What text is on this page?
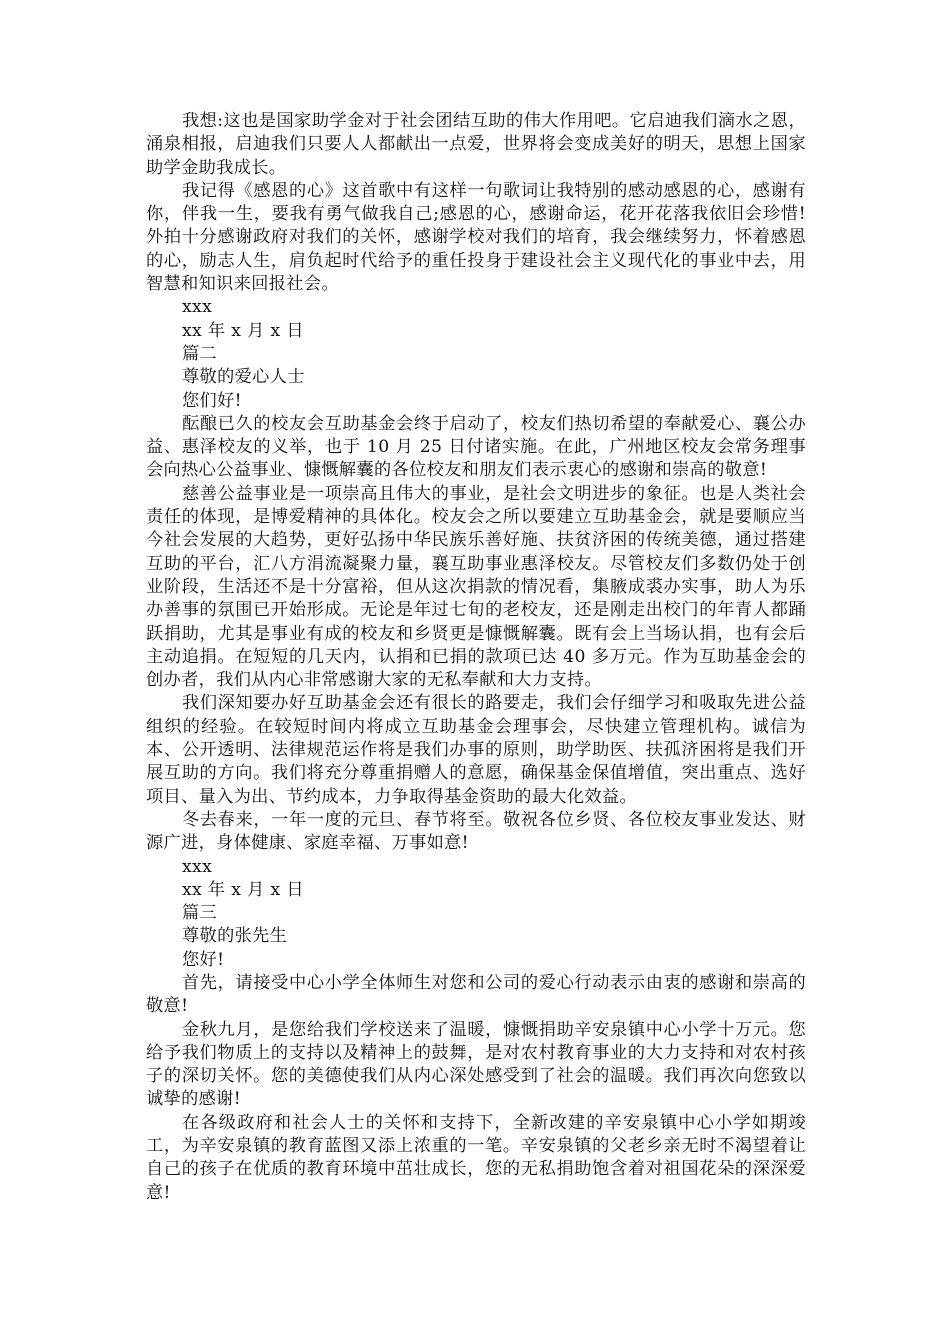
我想:这也是国家助学金对于社会团结互助的伟大作用吧。它启迪我们滴水之恩，涌泉相报，启迪我们只要人人都献出一点爱，世界将会变成美好的明天，思想上国家助学金助我成长。

我记得《感恩的心》这首歌中有这样一句歌词让我特别的感动感恩的心，感谢有你，伴我一生，要我有勇气做我自己;感恩的心，感谢命运，花开花落我依旧会珍惜!外拍十分感谢政府对我们的关怀，感谢学校对我们的培育，我会继续努力，怀着感恩的心，励志人生，肩负起时代给予的重任投身于建设社会主义现代化的事业中去，用智慧和知识来回报社会。

xxx

xx 年 x 月 x 日

篇二

尊敬的爱心人士

您们好!

酝酿已久的校友会互助基金会终于启动了，校友们热切希望的奉献爱心、襄公办益、惠泽校友的义举，也于 10 月 25 日付诸实施。在此，广州地区校友会常务理事会向热心公益事业、慷慨解囊的各位校友和朋友们表示衷心的感谢和崇高的敬意!

慈善公益事业是一项崇高且伟大的事业，是社会文明进步的象征。也是人类社会责任的体现，是博爱精神的具体化。校友会之所以要建立互助基金会，就是要顺应当今社会发展的大趋势，更好弘扬中华民族乐善好施、扶贫济困的传统美德，通过搭建互助的平台，汇八方涓流凝聚力量，襄互助事业惠泽校友。尽管校友们多数仍处于创业阶段，生活还不是十分富裕，但从这次捐款的情况看，集腋成裘办实事，助人为乐办善事的氛围已开始形成。无论是年过七旬的老校友，还是刚走出校门的年青人都踊跃捐助，尤其是事业有成的校友和乡贤更是慷慨解囊。既有会上当场认捐，也有会后主动追捐。在短短的几天内，认捐和已捐的款项已达 40 多万元。作为互助基金会的创办者，我们从内心非常感谢大家的无私奉献和大力支持。

我们深知要办好互助基金会还有很长的路要走，我们会仔细学习和吸取先进公益组织的经验。在较短时间内将成立互助基金会理事会，尽快建立管理机构。诚信为本、公开透明、法律规范运作将是我们办事的原则，助学助医、扶孤济困将是我们开展互助的方向。我们将充分尊重捐赠人的意愿，确保基金保值增值，突出重点、选好项目、量入为出、节约成本，力争取得基金资助的最大化效益。

冬去春来，一年一度的元旦、春节将至。敬祝各位乡贤、各位校友事业发达、财源广进，身体健康、家庭幸福、万事如意!

xxx

xx 年 x 月 x 日

篇三

尊敬的张先生

您好!

首先，请接受中心小学全体师生对您和公司的爱心行动表示由衷的感谢和崇高的敬意!

金秋九月，是您给我们学校送来了温暖，慷慨捐助辛安泉镇中心小学十万元。您给予我们物质上的支持以及精神上的鼓舞，是对农村教育事业的大力支持和对农村孩子的深切关怀。您的美德使我们从内心深处感受到了社会的温暖。我们再次向您致以诚挚的感谢!

在各级政府和社会人士的关怀和支持下，全新改建的辛安泉镇中心小学如期竣工，为辛安泉镇的教育蓝图又添上浓重的一笔。辛安泉镇的父老乡亲无时不渴望着让自己的孩子在优质的教育环境中茁壮成长，您的无私捐助饱含着对祖国花朵的深深爱意!
